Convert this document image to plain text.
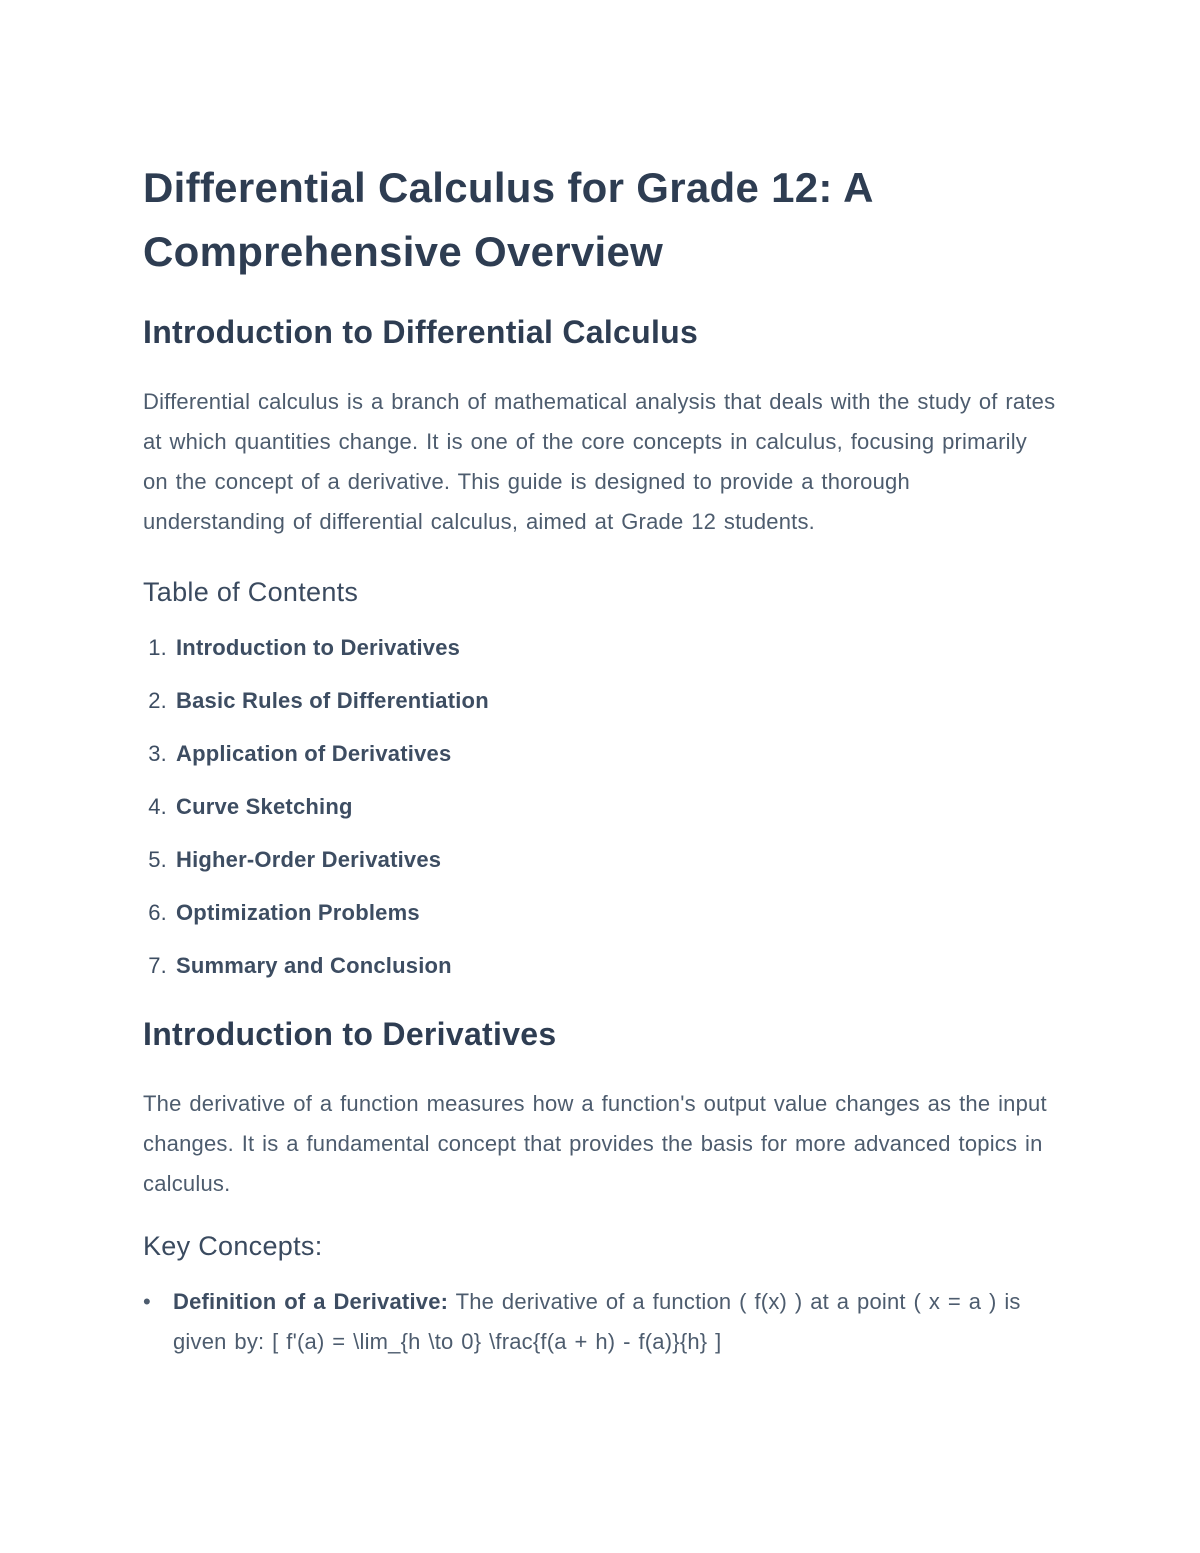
Differential Calculus for Grade 12: A Comprehensive Overview
Introduction to Differential Calculus

Differential calculus is a branch of mathematical analysis that deals with the study of rates at which quantities change. It is one of the core concepts in calculus, focusing primarily on the concept of a derivative. This guide is designed to provide a thorough understanding of differential calculus, aimed at Grade 12 students.

Table of Contents
1. Introduction to Derivatives
2. Basic Rules of Differentiation
3. Application of Derivatives
4. Curve Sketching
5. Higher-Order Derivatives
6. Optimization Problems
7. Summary and Conclusion
Introduction to Derivatives

The derivative of a function measures how a function's output value changes as the input changes. It is a fundamental concept that provides the basis for more advanced topics in calculus.

Key Concepts:
•	Definition of a Derivative: The derivative of a function ( f(x) ) at a point ( x = a ) is given by: [ f'(a) = \lim_{h \to 0} \frac{f(a + h) - f(a)}{h} ]
